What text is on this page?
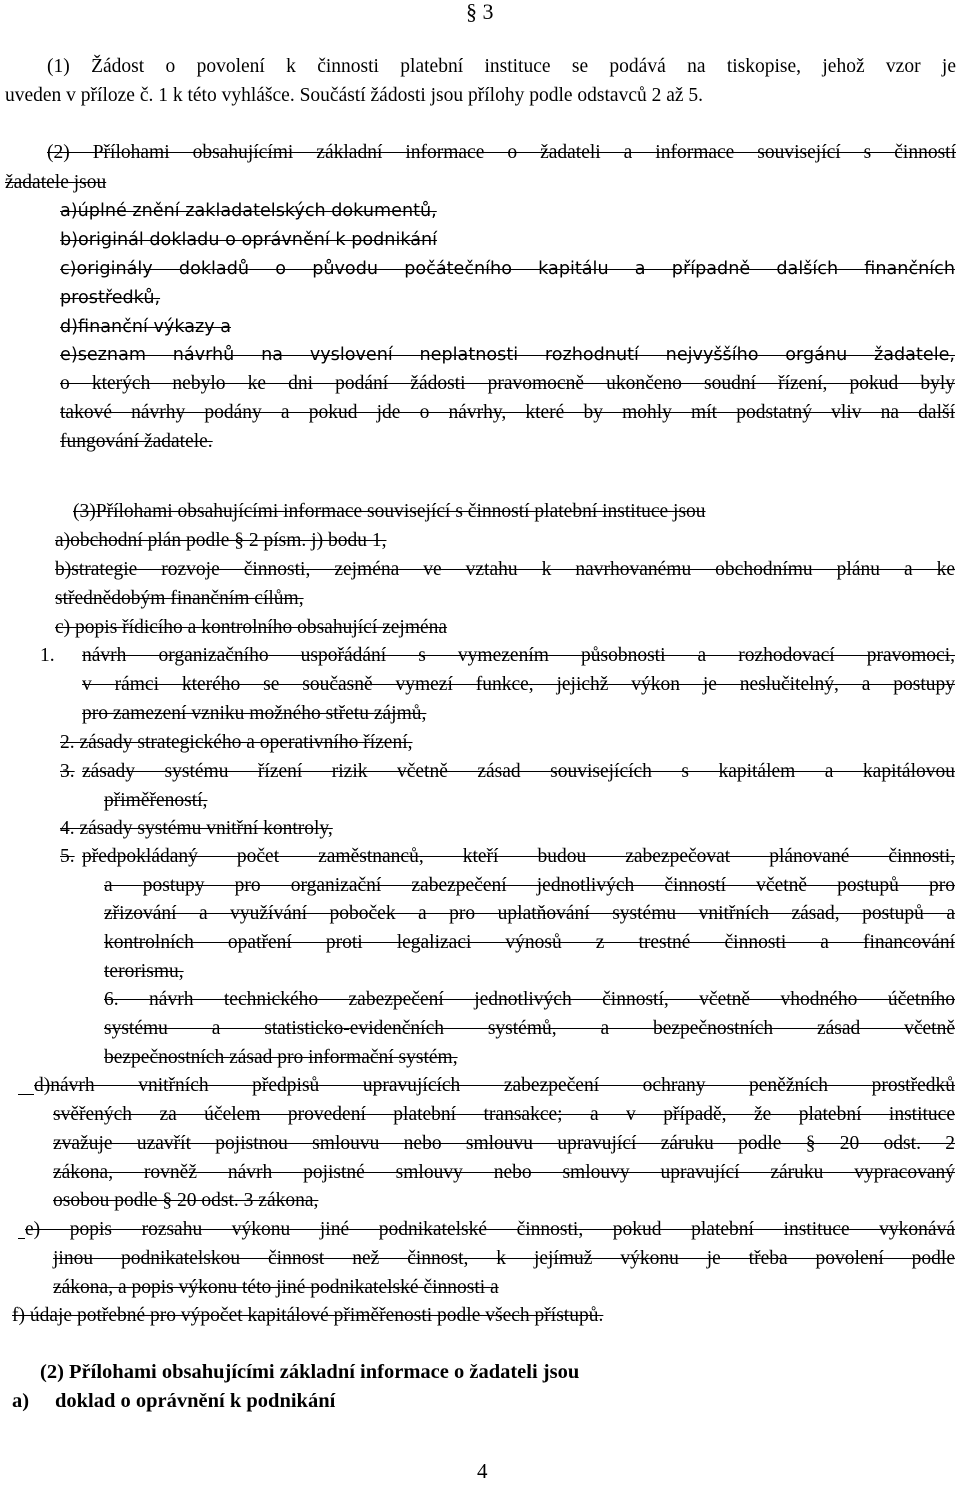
§ 3
(1) Žádost o povolení k činnosti platební instituce se podává na tiskopise, jehož vzor je
uveden v příloze č. 1 k této vyhlášce. Součástí žádosti jsou přílohy podle odstavců 2 až 5.
(2) Přílohami obsahujícími základní informace o žadateli a informace související s činností
žadatele jsou
a)úplné znění zakladatelských dokumentů,
b)originál dokladu o oprávnění k podnikání
c)originály dokladů o původu počátečního kapitálu a případně dalších finančních
prostředků,
d)finanční výkazy a
e)seznam návrhů na vyslovení neplatnosti rozhodnutí nejvyššího orgánu žadatele,
o kterých nebylo ke dni podání žádosti pravomocně ukončeno soudní řízení, pokud byly
takové návrhy podány a pokud jde o návrhy, které by mohly mít podstatný vliv na další
fungování žadatele.
(3)Přílohami obsahujícími informace související s činností platební instituce jsou
a)obchodní plán podle § 2 písm. j) bodu 1,
b)strategie rozvoje činnosti, zejména ve vztahu k navrhovanému obchodnímu plánu a ke
střednědobým finančním cílům,
c) popis řídicího a kontrolního obsahující zejména
1. návrh organizačního uspořádání s vymezením působnosti a rozhodovací pravomoci,
v rámci kterého se současně vymezí funkce, jejichž výkon je neslučitelný, a postupy
pro zamezení vzniku možného střetu zájmů,
2. zásady strategického a operativního řízení,
3. zásady systému řízení rizik včetně zásad souvisejících s kapitálem a kapitálovou
přiměřeností,
4. zásady systému vnitřní kontroly,
5. předpokládaný počet zaměstnanců, kteří budou zabezpečovat plánované činnosti,
a postupy pro organizační zabezpečení jednotlivých činností včetně postupů pro
zřizování a využívání poboček a pro uplatňování systému vnitřních zásad, postupů a
kontrolních opatření proti legalizaci výnosů z trestné činnosti a financování
terorismu,
6. návrh technického zabezpečení jednotlivých činností, včetně vhodného účetního
systému a statisticko-evidenčních systémů, a bezpečnostních zásad včetně
bezpečnostních zásad pro informační systém,
d)návrh vnitřních předpisů upravujících zabezpečení ochrany peněžních prostředků
svěřených za účelem provedení platební transakce; a v případě, že platební instituce
zvažuje uzavřít pojistnou smlouvu nebo smlouvu upravující záruku podle § 20 odst. 2
zákona, rovněž návrh pojistné smlouvy nebo smlouvy upravující záruku vypracovaný
osobou podle § 20 odst. 3 zákona,
e) popis rozsahu výkonu jiné podnikatelské činnosti, pokud platební instituce vykonává
jinou podnikatelskou činnost než činnost, k jejímuž výkonu je třeba povolení podle
zákona, a popis výkonu této jiné podnikatelské činnosti a
f) údaje potřebné pro výpočet kapitálové přiměřenosti podle všech přístupů.
(2) Přílohami obsahujícími základní informace o žadateli jsou
a) doklad o oprávnění k podnikání
4
